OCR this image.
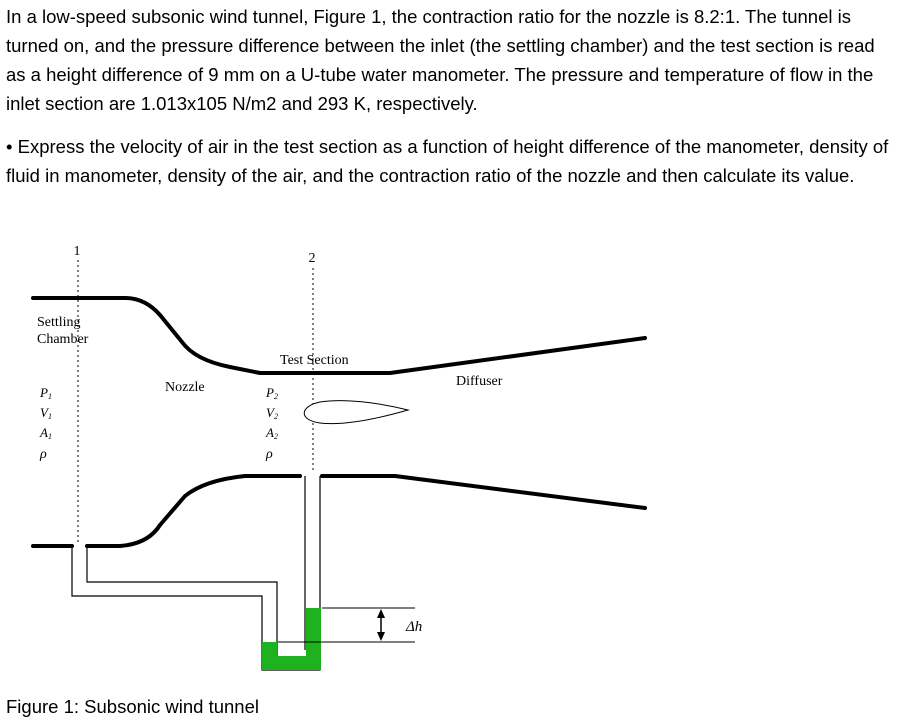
In a low-speed subsonic wind tunnel, Figure 1, the contraction ratio for the nozzle is 8.2:1. The tunnel is turned on, and the pressure difference between the inlet (the settling chamber) and the test section is read as a height difference of 9 mm on a U-tube water manometer. The pressure and temperature of flow in the inlet section are 1.013x105 N/m2 and 293 K, respectively.

• Express the velocity of air in the test section as a function of height difference of the manometer, density of fluid in manometer, density of the air, and the contraction ratio of the nozzle and then calculate its value.

1	2
Settling
Chamber
Nozzle
Test Section
Diffuser
P1
V1
A1
ρ
P2
V2
A2
ρ
Δh

Figure 1: Subsonic wind tunnel
